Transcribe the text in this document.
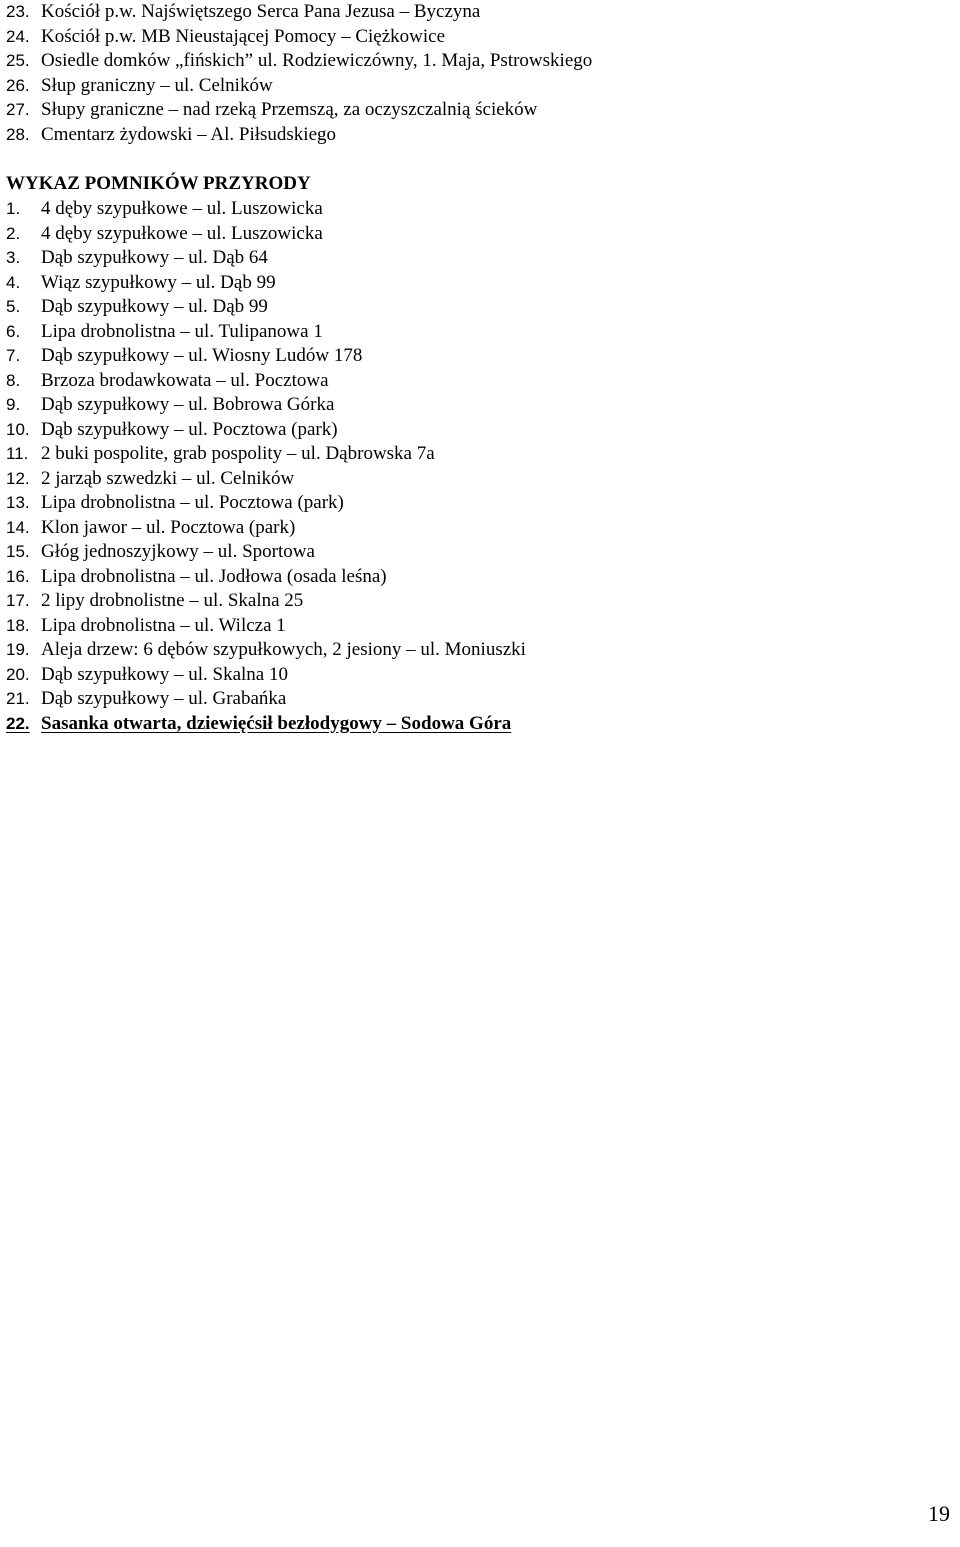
23. Kościół p.w. Najświętszego Serca Pana Jezusa – Byczyna
24. Kościół p.w. MB Nieustającej Pomocy – Ciężkowice
25. Osiedle domków „fińskich” ul. Rodziewiczówny, 1. Maja, Pstrowskiego
26. Słup graniczny – ul. Celników
27. Słupy graniczne – nad rzeką Przemszą, za oczyszczalnią ścieków
28. Cmentarz żydowski – Al. Piłsudskiego
WYKAZ POMNIKÓW PRZYRODY
1.	4 dęby szypułkowe – ul. Luszowicka
2.	4 dęby szypułkowe – ul. Luszowicka
3.	Dąb szypułkowy – ul. Dąb 64
4.	Wiąz szypułkowy – ul. Dąb 99
5.	Dąb szypułkowy – ul. Dąb 99
6.	Lipa drobnolistna – ul. Tulipanowa 1
7.	Dąb szypułkowy – ul. Wiosny Ludów 178
8.	Brzoza brodawkowata – ul. Pocztowa
9.	Dąb szypułkowy – ul. Bobrowa Górka
10. Dąb szypułkowy – ul. Pocztowa (park)
11. 2 buki pospolite, grab pospolity – ul. Dąbrowska 7a
12. 2 jarząb szwedzki – ul. Celników
13. Lipa drobnolistna – ul. Pocztowa (park)
14. Klon jawor – ul. Pocztowa (park)
15. Głóg jednoszyjkowy – ul. Sportowa
16. Lipa drobnolistna – ul. Jodłowa (osada leśna)
17. 2 lipy drobnolistne – ul. Skalna 25
18. Lipa drobnolistna – ul. Wilcza 1
19. Aleja drzew: 6 dębów szypułkowych, 2 jesiony – ul. Moniuszki
20. Dąb szypułkowy – ul. Skalna 10
21. Dąb szypułkowy – ul. Grabańka
22. Sasanka otwarta, dziewięćsił bezłodygowy – Sodowa Góra
19
